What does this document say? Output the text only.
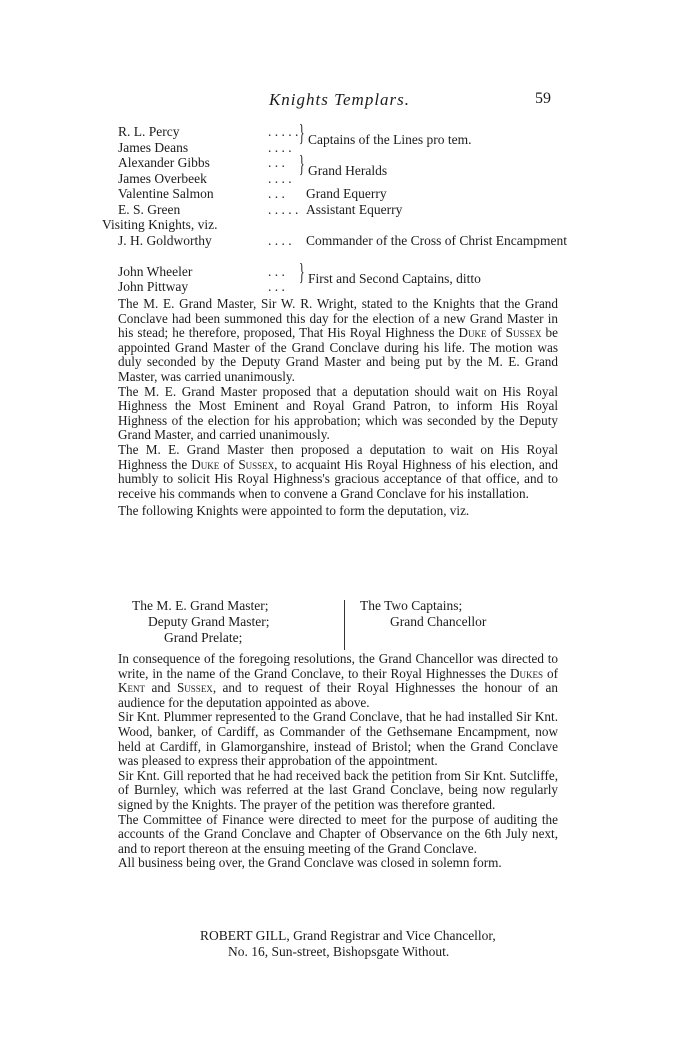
Knights Templars.	59
R. L. Percy	. . . . .
James Deans	. . . .
} Captains of the Lines pro tem.
Alexander Gibbs	. . .
James Overbeek	. . . .
} Grand Heralds
Valentine Salmon	. . . Grand Equerry
E. S. Green	. . . . . Assistant Equerry
Visiting Knights, viz.
J. H. Goldworthy	. . . . Commander of the Cross of Christ Encampment
John Wheeler	. . .
John Pittway	. . .
} First and Second Captains, ditto

The M. E. Grand Master, Sir W. R. Wright, stated to the Knights that the Grand Conclave had been summoned this day for the election of a new Grand Master in his stead; he therefore, proposed, That His Royal Highness the Duke of Sussex be appointed Grand Master of the Grand Conclave during his life. The motion was duly seconded by the Deputy Grand Master and being put by the M. E. Grand Master, was carried unanimously.

The M. E. Grand Master proposed that a deputation should wait on His Royal Highness the Most Eminent and Royal Grand Patron, to inform His Royal Highness of the election for his approbation; which was seconded by the Deputy Grand Master, and carried unanimously.

The M. E. Grand Master then proposed a deputation to wait on His Royal Highness the Duke of Sussex, to acquaint His Royal Highness of his election, and humbly to solicit His Royal Highness's gracious acceptance of that office, and to receive his commands when to convene a Grand Conclave for his installation.

The following Knights were appointed to form the deputation, viz.

The M. E. Grand Master;
Deputy Grand Master;
Grand Prelate;
The Two Captains;
Grand Chancellor

In consequence of the foregoing resolutions, the Grand Chancellor was directed to write, in the name of the Grand Conclave, to their Royal Highnesses the Dukes of Kent and Sussex, and to request of their Royal Highnesses the honour of an audience for the deputation appointed as above.

Sir Knt. Plummer represented to the Grand Conclave, that he had installed Sir Knt. Wood, banker, of Cardiff, as Commander of the Gethsemane Encampment, now held at Cardiff, in Glamorganshire, instead of Bristol; when the Grand Conclave was pleased to express their approbation of the appointment.

Sir Knt. Gill reported that he had received back the petition from Sir Knt. Sutcliffe, of Burnley, which was referred at the last Grand Conclave, being now regularly signed by the Knights. The prayer of the petition was therefore granted.

The Committee of Finance were directed to meet for the purpose of auditing the accounts of the Grand Conclave and Chapter of Observance on the 6th July next, and to report thereon at the ensuing meeting of the Grand Conclave.

All business being over, the Grand Conclave was closed in solemn form.

ROBERT GILL, Grand Registrar and Vice Chancellor,
No. 16, Sun-street, Bishopsgate Without.
